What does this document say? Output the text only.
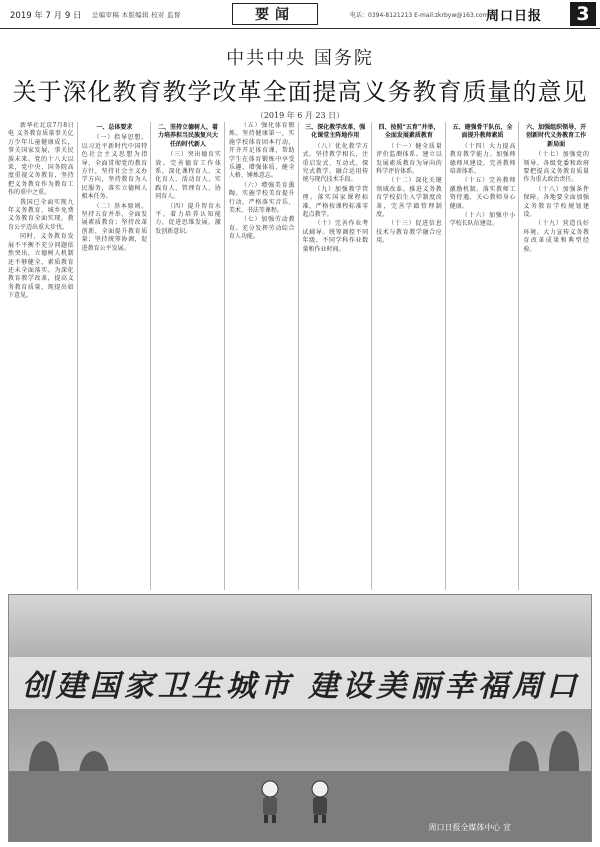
2019 年 7 月 9 日 总编审稿 本版编辑 校对 监督	要闻	电话：0394-8121213 E-mail:zkrbyw@163.com
周口日报	3
中共中央 国务院
关于深化教育教学改革全面提高义务教育质量的意见
（2019 年 6 月 23 日）

新华社北京7月8日电 义务教育质量事关亿万少年儿童健康成长，事关国家发展，事关民族未来。党的十八大以来，党中央、国务院高度重视义务教育，坚持把义务教育作为教育工作的重中之重。

我国已全面实现九年义务教育，城乡免费义务教育全面实现，教育公平迈出重大步伐。

同时，义务教育发展不平衡不充分问题依然突出，立德树人机制还不够健全，素质教育还未全面落实。为深化教育教学改革，提高义务教育质量，现提出如下意见。

一、总体要求

（一）指导思想。以习近平新时代中国特色社会主义思想为指导，全面贯彻党的教育方针，坚持社会主义办学方向，坚持教育为人民服务，落实立德树人根本任务。

（二）基本原则。坚持五育并举，全面发展素质教育；坚持改革创新，全面提升教育质量；坚持统筹协调，促进教育公平发展。

二、坚持立德树人，着力培养担当民族复兴大任的时代新人

（三）突出德育实效。完善德育工作体系，深化课程育人、文化育人、活动育人、实践育人、管理育人、协同育人。

（四）提升智育水平。着力培养认知能力，促进思维发展，激发创新意识。

（五）强化体育锻炼。坚持健康第一，实施学校体育固本行动，开齐开足体育课，帮助学生在体育锻炼中享受乐趣、增强体质、健全人格、锤炼意志。

（六）增强美育熏陶。实施学校美育提升行动，严格落实音乐、美术、书法等课程。

（七）加强劳动教育。充分发挥劳动综合育人功能。

三、深化教学改革，强化课堂主阵地作用

（八）优化教学方式。坚持教学相长，注重启发式、互动式、探究式教学，融合运用传统与现代技术手段。

（九）加强教学管理。落实国家课程标准，严格按课程标准零起点教学。

（十）完善作业考试辅导。统筹调控不同年级、不同学科作业数量和作业时间。

四、按照“五育”并举，全面发展素质教育

（十一）健全质量评价监测体系。建立以发展素质教育为导向的科学评价体系。

（十二）深化关键领域改革。推进义务教育学校招生入学制度改革，完善学籍管理制度。

（十三）促进信息技术与教育教学融合应用。

五、建强骨干队伍，全面提升教师素质

（十四）大力提高教育教学能力。加强师德师风建设，完善教师培训体系。

（十五）完善教师激励机制。落实教师工资待遇，关心教师身心健康。

（十六）加强中小学校长队伍建设。

六、加强组织领导，开创新时代义务教育工作新局面

（十七）加强党的领导。各级党委和政府要把提高义务教育质量作为重大政治责任。

（十八）加强条件保障。各地要全面加强义务教育学校规划建设。

（十九）营造良好环境。大力宣传义务教育改革成果和典型经验。

创建国家卫生城市 建设美丽幸福周口
周口日报全媒体中心 宣
